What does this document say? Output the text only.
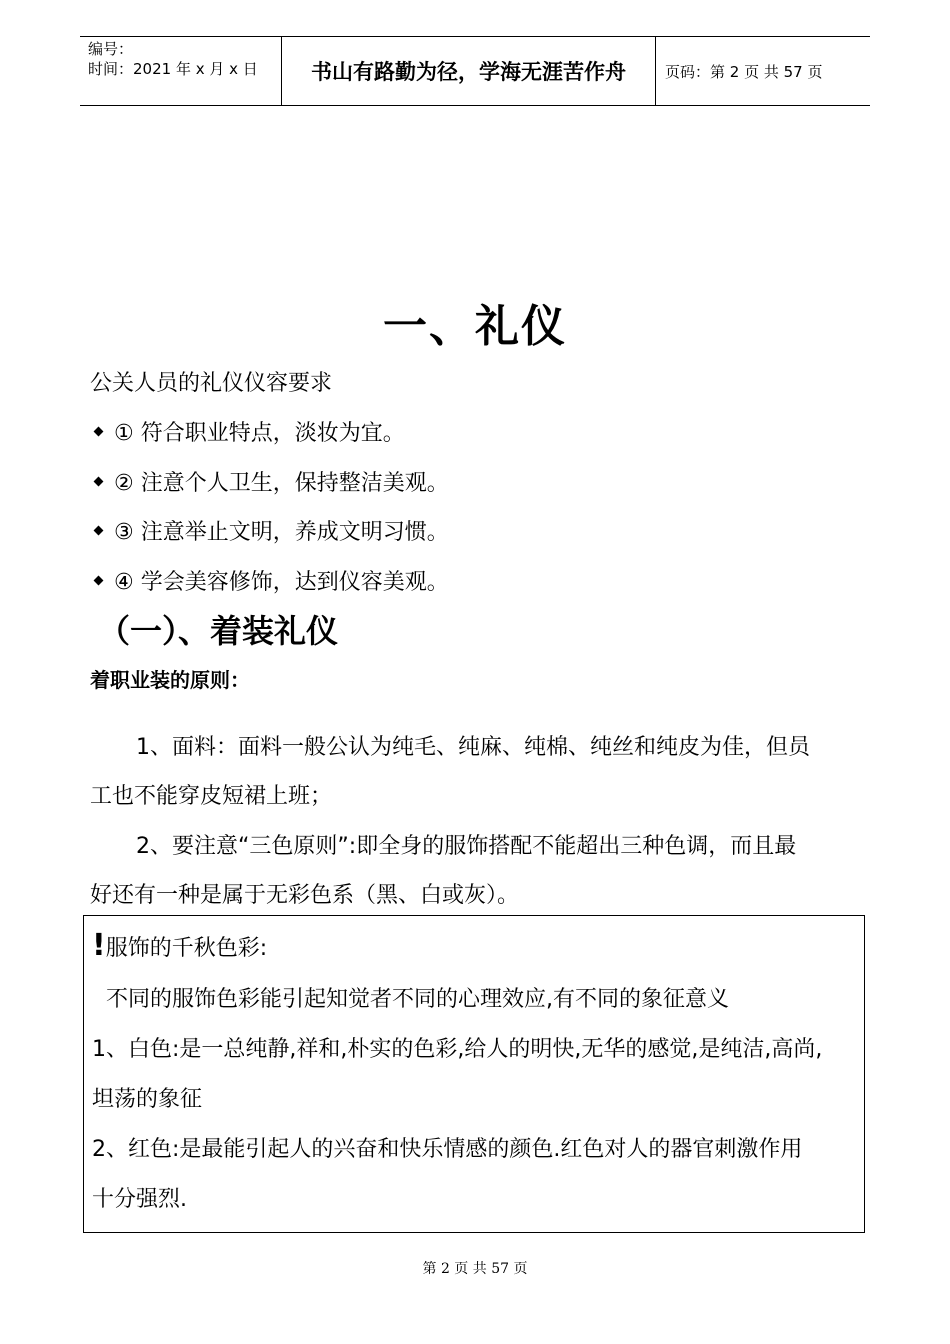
编号：
时间：2021 年 x 月 x 日	书山有路勤为径，学海无涯苦作舟	页码：第 2 页 共 57 页
一、礼仪
公关人员的礼仪仪容要求
① 符合职业特点，淡妆为宜。
② 注意个人卫生，保持整洁美观。
③ 注意举止文明，养成文明习惯。
④ 学会美容修饰，达到仪容美观。
（一）、着装礼仪
着职业装的原则：
1、面料：面料一般公认为纯毛、纯麻、纯棉、纯丝和纯皮为佳，但员
工也不能穿皮短裙上班；
2、要注意“三色原则”:即全身的服饰搭配不能超出三种色调，而且最
好还有一种是属于无彩色系（黑、白或灰）。
!服饰的千秋色彩:
不同的服饰色彩能引起知觉者不同的心理效应,有不同的象征意义
1、白色:是一总纯静,祥和,朴实的色彩,给人的明快,无华的感觉,是纯洁,高尚,
坦荡的象征
2、红色:是最能引起人的兴奋和快乐情感的颜色.红色对人的器官刺激作用
十分强烈.
第 2 页 共 57 页
